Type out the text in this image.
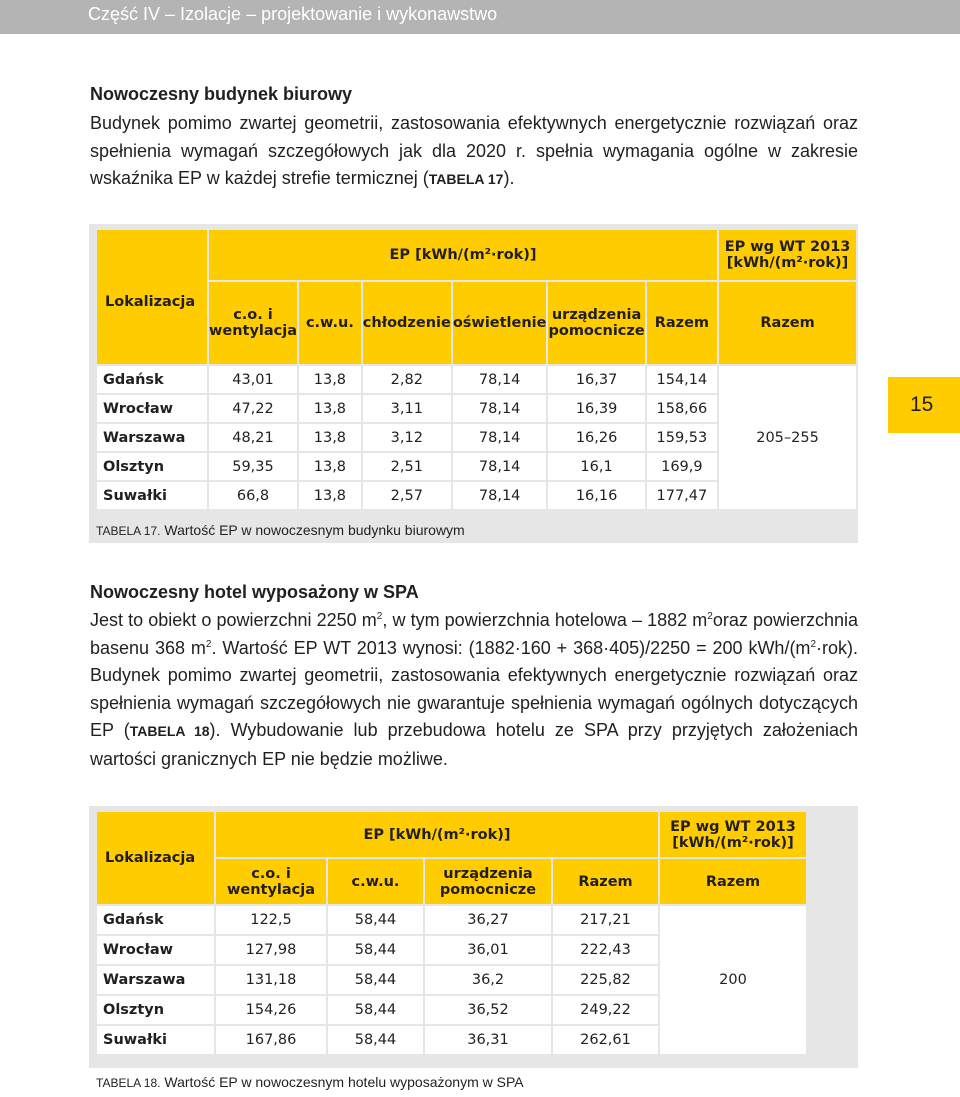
Część IV – Izolacje – projektowanie i wykonawstwo
15
Nowoczesny budynek biurowy

Budynek pomimo zwartej geometrii, zastosowania efektywnych energetycznie rozwiązań oraz spełnienia wymagań szczegółowych jak dla 2020 r. spełnia wymagania ogólne w zakresie wskaźnika EP w każdej strefie termicznej (TABELA 17).

Lokalizacja	EP [kWh/(m²·rok)]						EP wg WT 2013 [kWh/(m²·rok)]
	c.o. i wentylacja	c.w.u.	chłodzenie	oświetlenie	urządzenia pomocnicze	Razem	Razem
Gdańsk	43,01	13,8	2,82	78,14	16,37	154,14	205–255
Wrocław	47,22	13,8	3,11	78,14	16,39	158,66	
Warszawa	48,21	13,8	3,12	78,14	16,26	159,53	
Olsztyn	59,35	13,8	2,51	78,14	16,1	169,9	
Suwałki	66,8	13,8	2,57	78,14	16,16	177,47	
TABELA 17. Wartość EP w nowoczesnym budynku biurowym
Nowoczesny hotel wyposażony w SPA

Jest to obiekt o powierzchni 2250 $m^2$, w tym powierzchnia hotelowa – 1882 $m^2oraz$ powierzchnia basenu 368 $m^2$. Wartość EP WT 2013 wynosi: (1882·160 + 368·405)/2250 = 200 kWh/$(m^2\cdot rok)$. Budynek pomimo zwartej geometrii, zastosowania efektywnych energetycznie rozwiązań oraz spełnienia wymagań szczegółowych nie gwarantuje spełnienia wymagań ogólnych dotyczących EP (TABELA 18). Wybudowanie lub przebudowa hotelu ze SPA przy przyjętych założeniach wartości granicznych EP nie będzie możliwe.

Lokalizacja	EP [kWh/(m²·rok)]				EP wg WT 2013 [kWh/(m²·rok)]
	c.o. i wentylacja	c.w.u.	urządzenia pomocnicze	Razem	Razem
Gdańsk	122,5	58,44	36,27	217,21	200
Wrocław	127,98	58,44	36,01	222,43	
Warszawa	131,18	58,44	36,2	225,82	
Olsztyn	154,26	58,44	36,52	249,22	
Suwałki	167,86	58,44	36,31	262,61	
TABELA 18. Wartość EP w nowoczesnym hotelu wyposażonym w SPA
